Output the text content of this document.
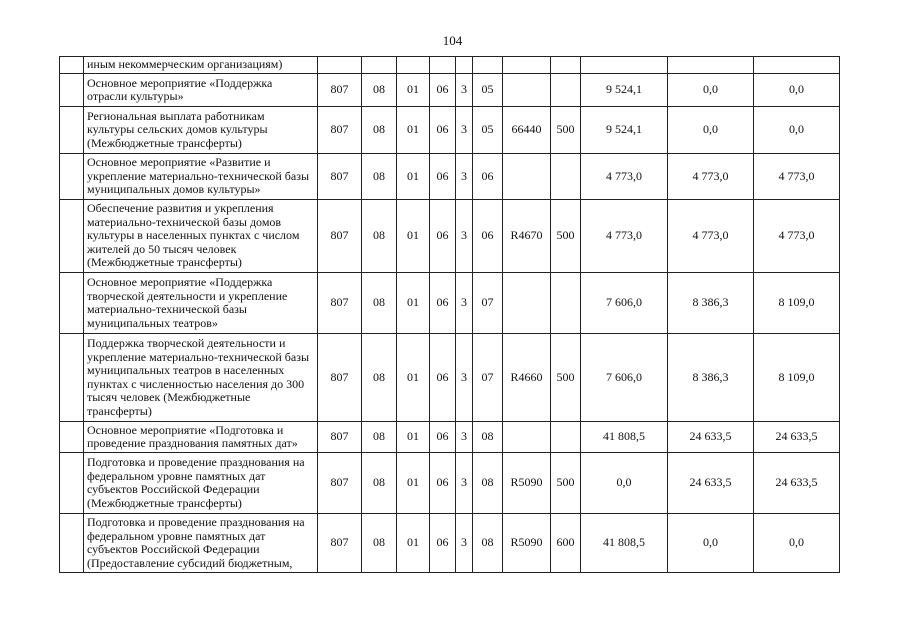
104
	иным некоммерческим организациям)											
	Основное мероприятие «Поддержка отрасли культуры»	807	08	01	06	3	05			9 524,1	0,0	0,0
	Региональная выплата работникам культуры сельских домов культуры (Межбюджетные трансферты)	807	08	01	06	3	05	66440	500	9 524,1	0,0	0,0
	Основное мероприятие «Развитие и укрепление материально-технической базы муниципальных домов культуры»	807	08	01	06	3	06			4 773,0	4 773,0	4 773,0
	Обеспечение развития и укрепления материально-технической базы домов культуры в населенных пунктах с числом жителей до 50 тысяч человек (Межбюджетные трансферты)	807	08	01	06	3	06	R4670	500	4 773,0	4 773,0	4 773,0
	Основное мероприятие «Поддержка творческой деятельности и укрепление материально-технической базы муниципальных театров»	807	08	01	06	3	07			7 606,0	8 386,3	8 109,0
	Поддержка творческой деятельности и укрепление материально-технической базы муниципальных театров в населенных пунктах с численностью населения до 300 тысяч человек (Межбюджетные трансферты)	807	08	01	06	3	07	R4660	500	7 606,0	8 386,3	8 109,0
	Основное мероприятие «Подготовка и проведение празднования памятных дат»	807	08	01	06	3	08			41 808,5	24 633,5	24 633,5
	Подготовка и проведение празднования на федеральном уровне памятных дат субъектов Российской Федерации (Межбюджетные трансферты)	807	08	01	06	3	08	R5090	500	0,0	24 633,5	24 633,5
	Подготовка и проведение празднования на федеральном уровне памятных дат субъектов Российской Федерации (Предоставление субсидий бюджетным,	807	08	01	06	3	08	R5090	600	41 808,5	0,0	0,0
